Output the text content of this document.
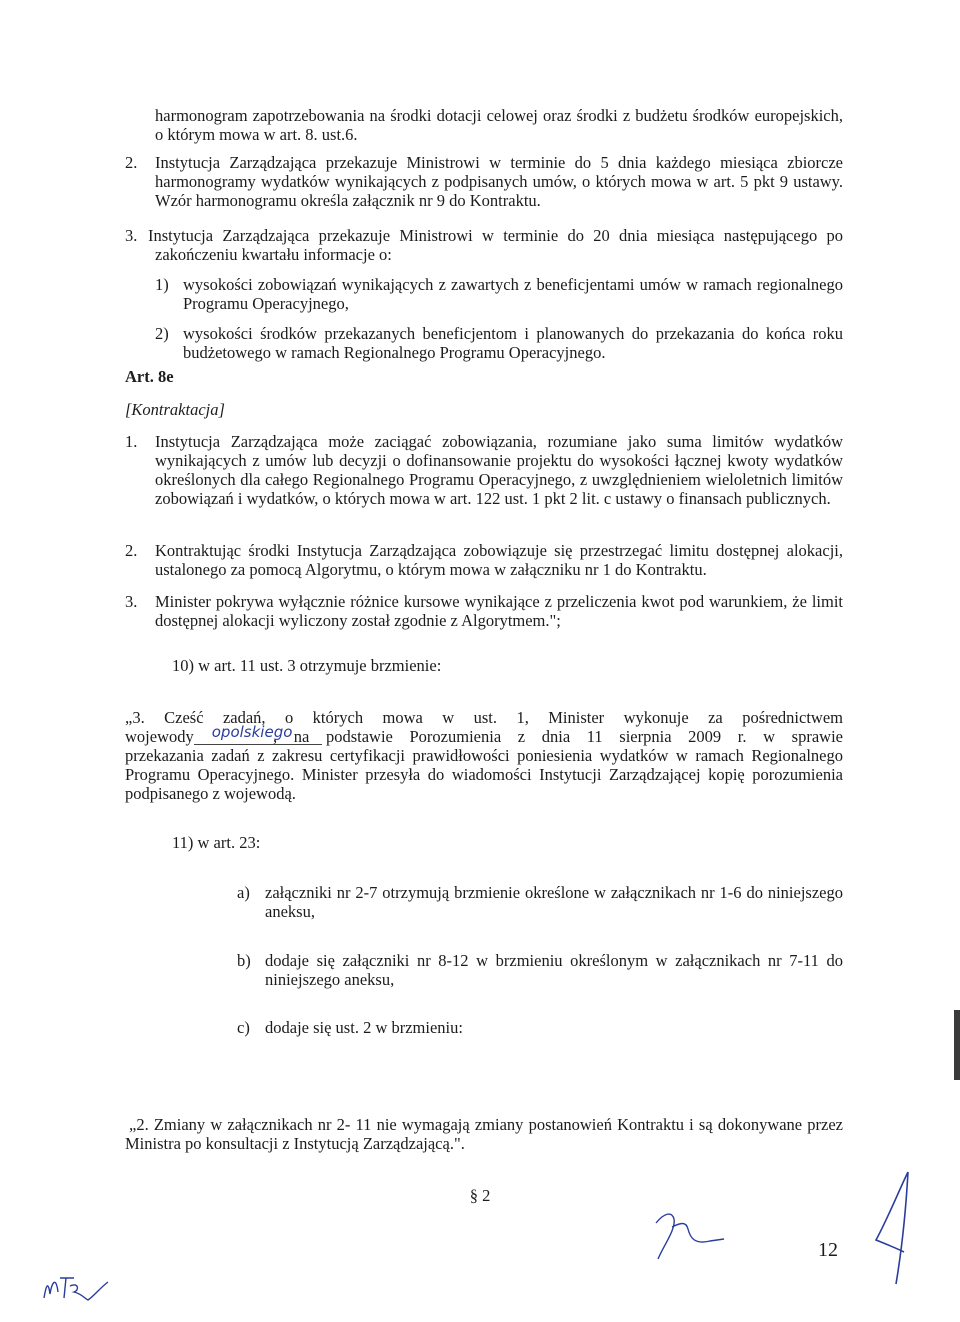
harmonogram zapotrzebowania na środki dotacji celowej oraz środki z budżetu środków europejskich, o którym mowa w art. 8. ust.6.
2. Instytucja Zarządzająca przekazuje Ministrowi w terminie do 5 dnia każdego miesiąca zbiorcze harmonogramy wydatków wynikających z podpisanych umów, o których mowa w art. 5 pkt 9 ustawy. Wzór harmonogramu określa załącznik nr 9 do Kontraktu.
3. Instytucja Zarządzająca przekazuje Ministrowi w terminie do 20 dnia miesiąca następującego po zakończeniu kwartału informacje o:
1) wysokości zobowiązań wynikających z zawartych z beneficjentami umów w ramach regionalnego Programu Operacyjnego,
2) wysokości środków przekazanych beneficjentom i planowanych do przekazania do końca roku budżetowego w ramach Regionalnego Programu Operacyjnego.
Art. 8e
[Kontraktacja]
1. Instytucja Zarządzająca może zaciągać zobowiązania, rozumiane jako suma limitów wydatków wynikających z umów lub decyzji o dofinansowanie projektu do wysokości łącznej kwoty wydatków określonych dla całego Regionalnego Programu Operacyjnego, z uwzględnieniem wieloletnich limitów zobowiązań i wydatków, o których mowa w art. 122 ust. 1 pkt 2 lit. c ustawy o finansach publicznych.
2. Kontraktując środki Instytucja Zarządzająca zobowiązuje się przestrzegać limitu dostępnej alokacji, ustalonego za pomocą Algorytmu, o którym mowa w załączniku nr 1 do Kontraktu.
3. Minister pokrywa wyłącznie różnice kursowe wynikające z przeliczenia kwot pod warunkiem, że limit dostępnej alokacji wyliczony został zgodnie z Algorytmem.";
10) w art. 11 ust. 3 otrzymuje brzmienie:
„3. Cześć zadań, o których mowa w ust. 1, Minister wykonuje za pośrednictwem
wojewody opolskiego
, na podstawie Porozumienia z dnia 11 sierpnia 2009 r. w sprawie
przekazania zadań z zakresu certyfikacji prawidłowości poniesienia wydatków w ramach Regionalnego Programu Operacyjnego. Minister przesyła do wiadomości Instytucji Zarządzającej kopię porozumienia podpisanego z wojewodą.
11) w art. 23:
a) załączniki nr 2-7 otrzymują brzmienie określone w załącznikach nr 1-6 do niniejszego aneksu,
b) dodaje się załączniki nr 8-12 w brzmieniu określonym w załącznikach nr 7-11 do niniejszego aneksu,
c) dodaje się ust. 2 w brzmieniu:
„2. Zmiany w załącznikach nr 2- 11 nie wymagają zmiany postanowień Kontraktu i są dokonywane przez Ministra po konsultacji z Instytucją Zarządzającą.".
§ 2
12
